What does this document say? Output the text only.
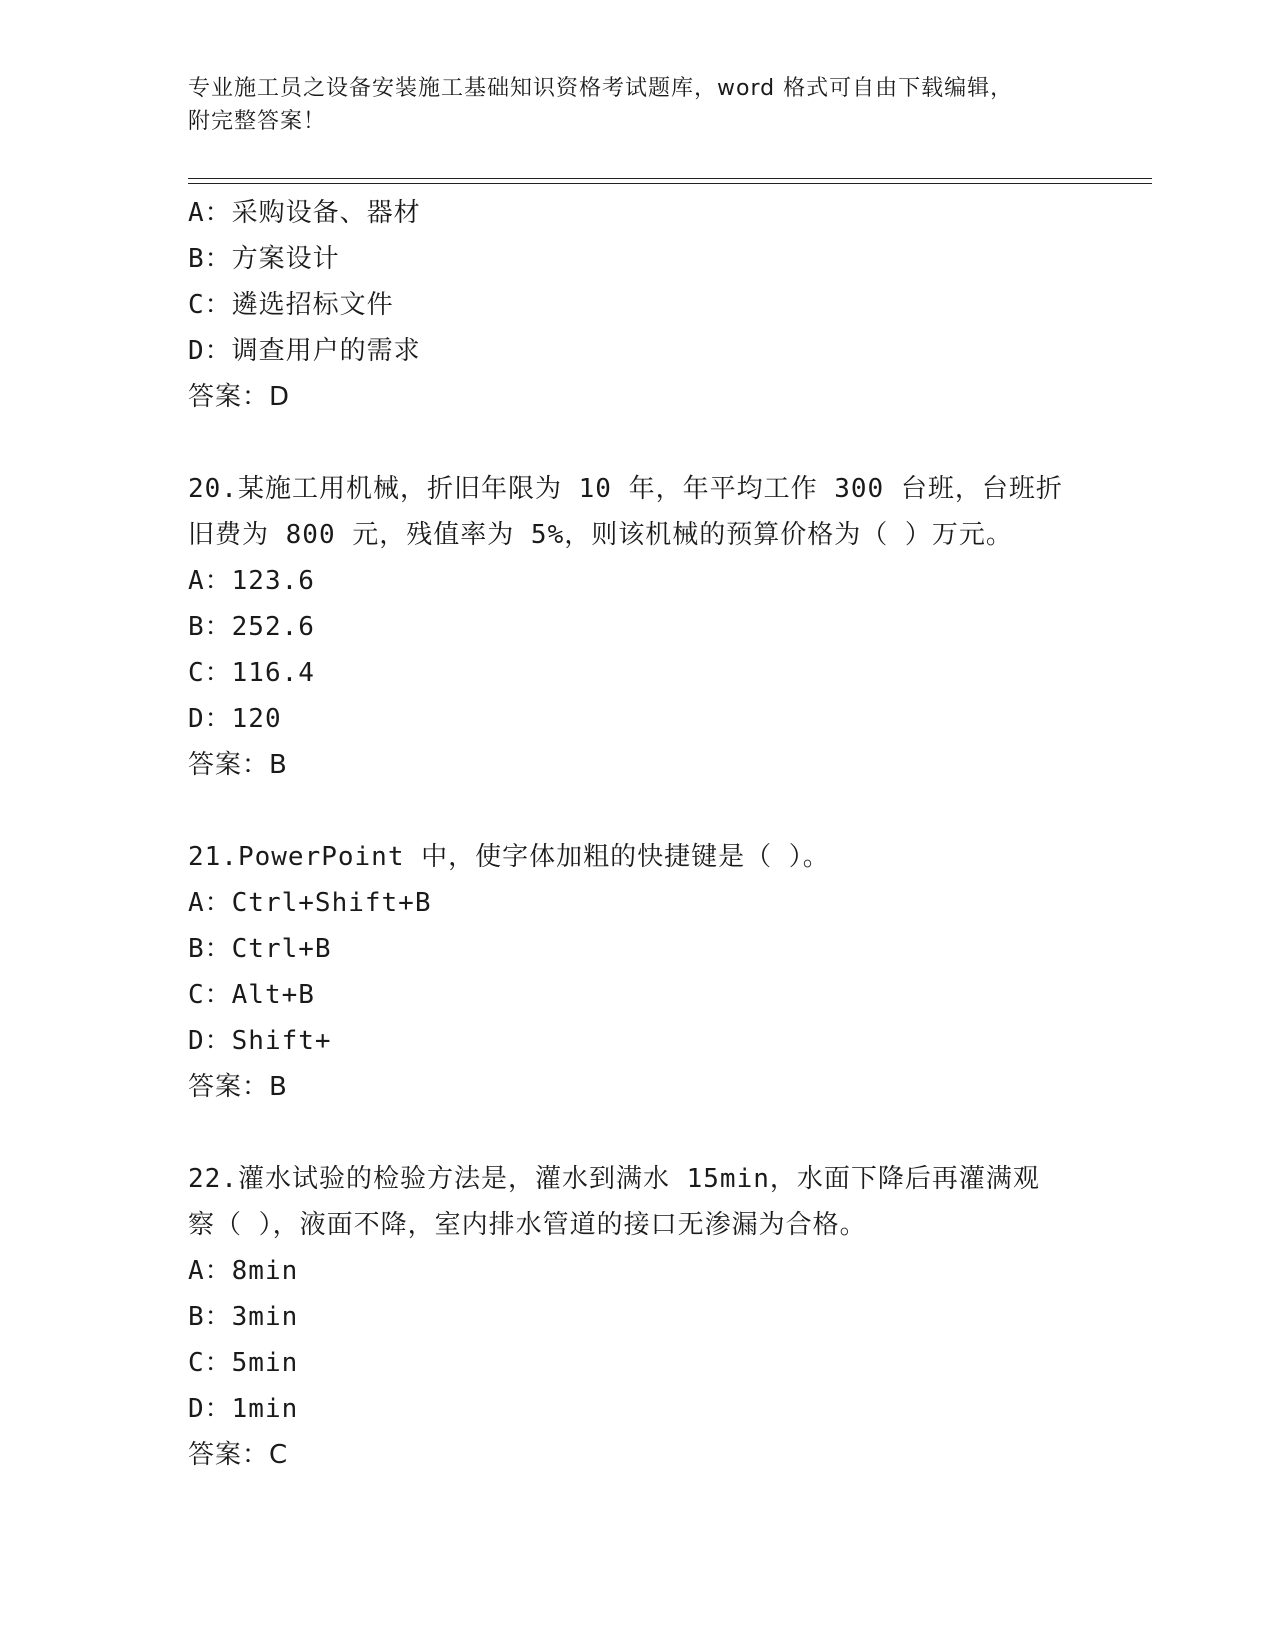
专业施工员之设备安装施工基础知识资格考试题库，word 格式可自由下载编辑，
附完整答案！
A：采购设备、器材
B：方案设计
C：遴选招标文件
D：调查用户的需求
答案：D
20.某施工用机械，折旧年限为 10 年，年平均工作 300 台班，台班折
旧费为 800 元，残值率为 5%，则该机械的预算价格为（ ）万元。
A：123.6
B：252.6
C：116.4
D：120
答案：B
21.PowerPoint 中，使字体加粗的快捷键是（ ）。
A：Ctrl+Shift+B
B：Ctrl+B
C：Alt+B
D：Shift+
答案：B
22.灌水试验的检验方法是，灌水到满水 15min，水面下降后再灌满观
察（ ），液面不降，室内排水管道的接口无渗漏为合格。
A：8min
B：3min
C：5min
D：1min
答案：C
